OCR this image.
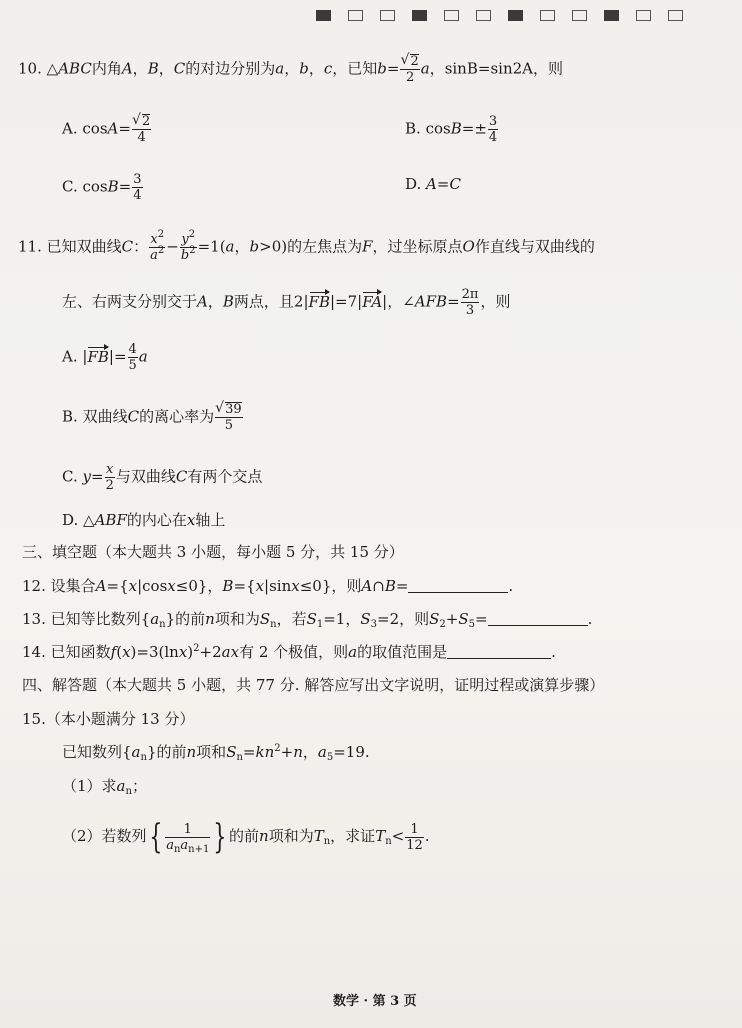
10. △ABC内角A，B，C的对边分别为a，b，c，已知b= √ $\frac{2}{2}$ a，sinB=sin2A，则
A. cosA= √ $\frac{2}{4}$	B. $\cos B=\pm \frac{3}{4}$
C. $\cos B= \frac{3}{4}$	D. A=C
11. 已知双曲线C： $\frac{x^2}{a^2} - \frac{y^2}{b^2} =1(a$，b>0)的左焦点为F，过坐标原点O作直线与双曲线的
左、右两支分别交于A，B两点，且2|FB|=7|FA|，∠AFB= $\frac{2\pi}{3}$ ，则
A. $|FB|= \frac{4}{5}$ a
B. 双曲线C的离心率为 √ $\frac{39}{5}$
C. $y= \frac{x}{2}$ 与双曲线C有两个交点
D. △ABF的内心在x轴上
三、填空题（本大题共 3 小题，每小题 5 分，共 15 分）
12. 设集合A={x|cosx≤0}，B={x|sinx≤0}，则A∩B=	.
13. 已知等比数列$\{a_n\}$的前n项和为$S_n$，若$S_1=1$，$S_3=2$，则$S_2+S_5=$	.
14. 已知函数$f(x)=3(\ln x)^2+2ax$有 2 个极值，则a的取值范围是	.
四、解答题（本大题共 5 小题，共 77 分. 解答应写出文字说明，证明过程或演算步骤）
15.（本小题满分 13 分）
已知数列$\{a_n\}$的前n项和$S_n=kn^2+n$，$a_5=19$.
（1）求$a_n$；
（2）若数列{	1
$a_na_{n+1}$ } 的前n项和为$T_n$，求证$T_n< \frac{1}{12}$ .
数学 · 第 3 页
